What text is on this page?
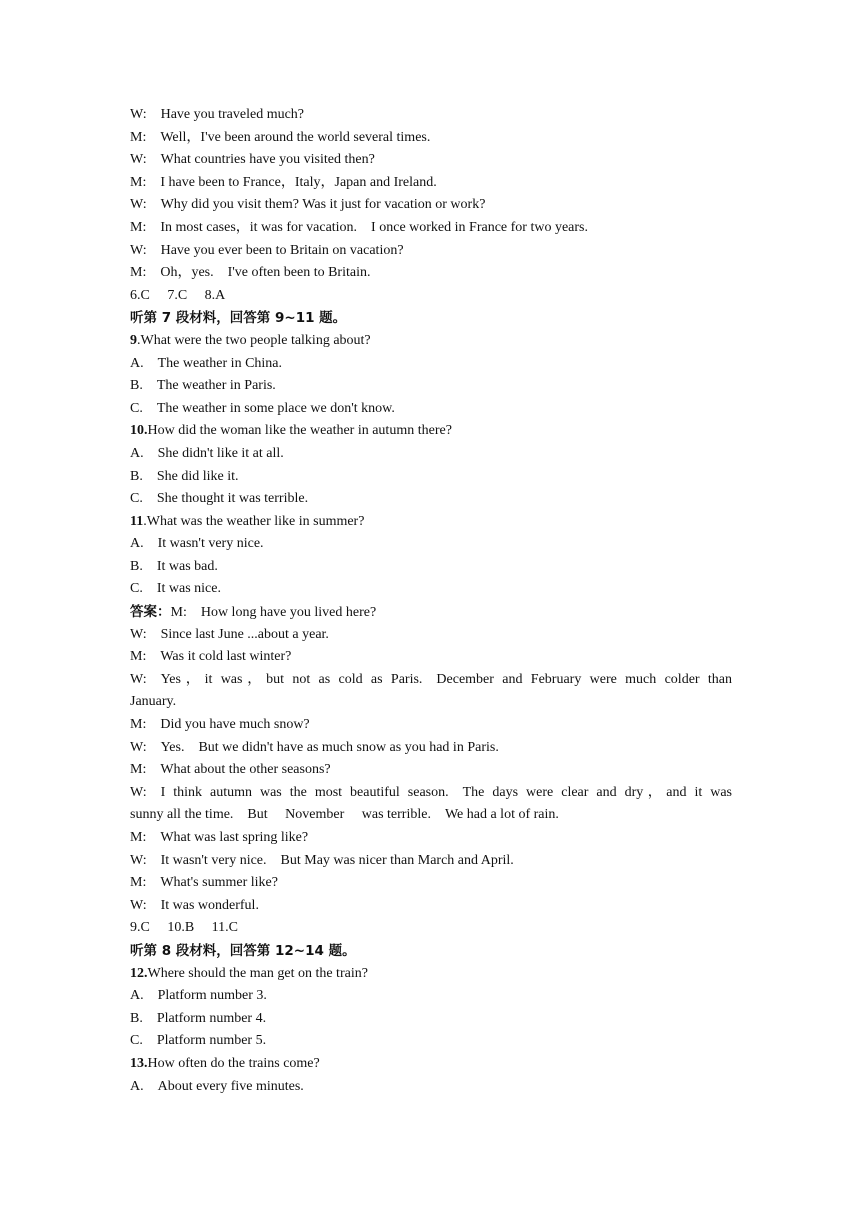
W: Have you traveled much?
M: Well，I've been around the world several times.
W: What countries have you visited then?
M: I have been to France，Italy，Japan and Ireland.
W: Why did you visit them? Was it just for vacation or work?
M: In most cases，it was for vacation. I once worked in France for two years.
W: Have you ever been to Britain on vacation?
M: Oh，yes. I've often been to Britain.
6.C  7.C  8.A
听第 7 段材料，回答第 9~11 题。
9.What were the two people talking about?
A. The weather in China.
B. The weather in Paris.
C. The weather in some place we don't know.
10.How did the woman like the weather in autumn there?
A. She didn't like it at all.
B. She did like it.
C. She thought it was terrible.
11.What was the weather like in summer?
A. It wasn't very nice.
B. It was bad.
C. It was nice.
答案：M: How long have you lived here?
W: Since last June ...about a year.
M: Was it cold last winter?
W: Yes，it was，but not as cold as Paris. December and February were much colder than
January.
M: Did you have much snow?
W: Yes. But we didn't have as much snow as you had in Paris.
M: What about the other seasons?
W: I think autumn was the most beautiful season. The days were clear and dry，and it was
sunny all the time. But  November  was terrible. We had a lot of rain.
M: What was last spring like?
W: It wasn't very nice. But May was nicer than March and April.
M: What's summer like?
W: It was wonderful.
9.C  10.B  11.C
听第 8 段材料，回答第 12~14 题。
12.Where should the man get on the train?
A. Platform number 3.
B. Platform number 4.
C. Platform number 5.
13.How often do the trains come?
A. About every five minutes.
